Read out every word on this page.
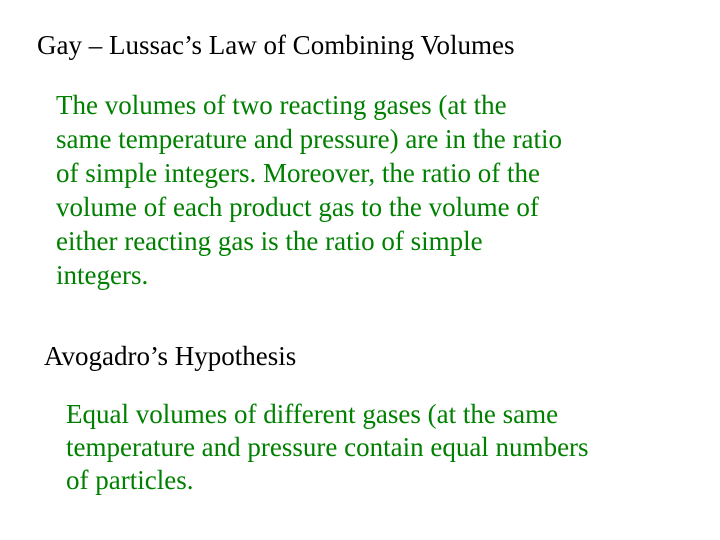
Gay – Lussac’s Law of Combining Volumes
The volumes of two reacting gases (at the
same temperature and pressure) are in the ratio
of simple integers. Moreover, the ratio of the
volume of each product gas to the volume of
either reacting gas is the ratio of simple
integers.
Avogadro’s Hypothesis
Equal volumes of different gases (at the same
temperature and pressure contain equal numbers
of particles.
